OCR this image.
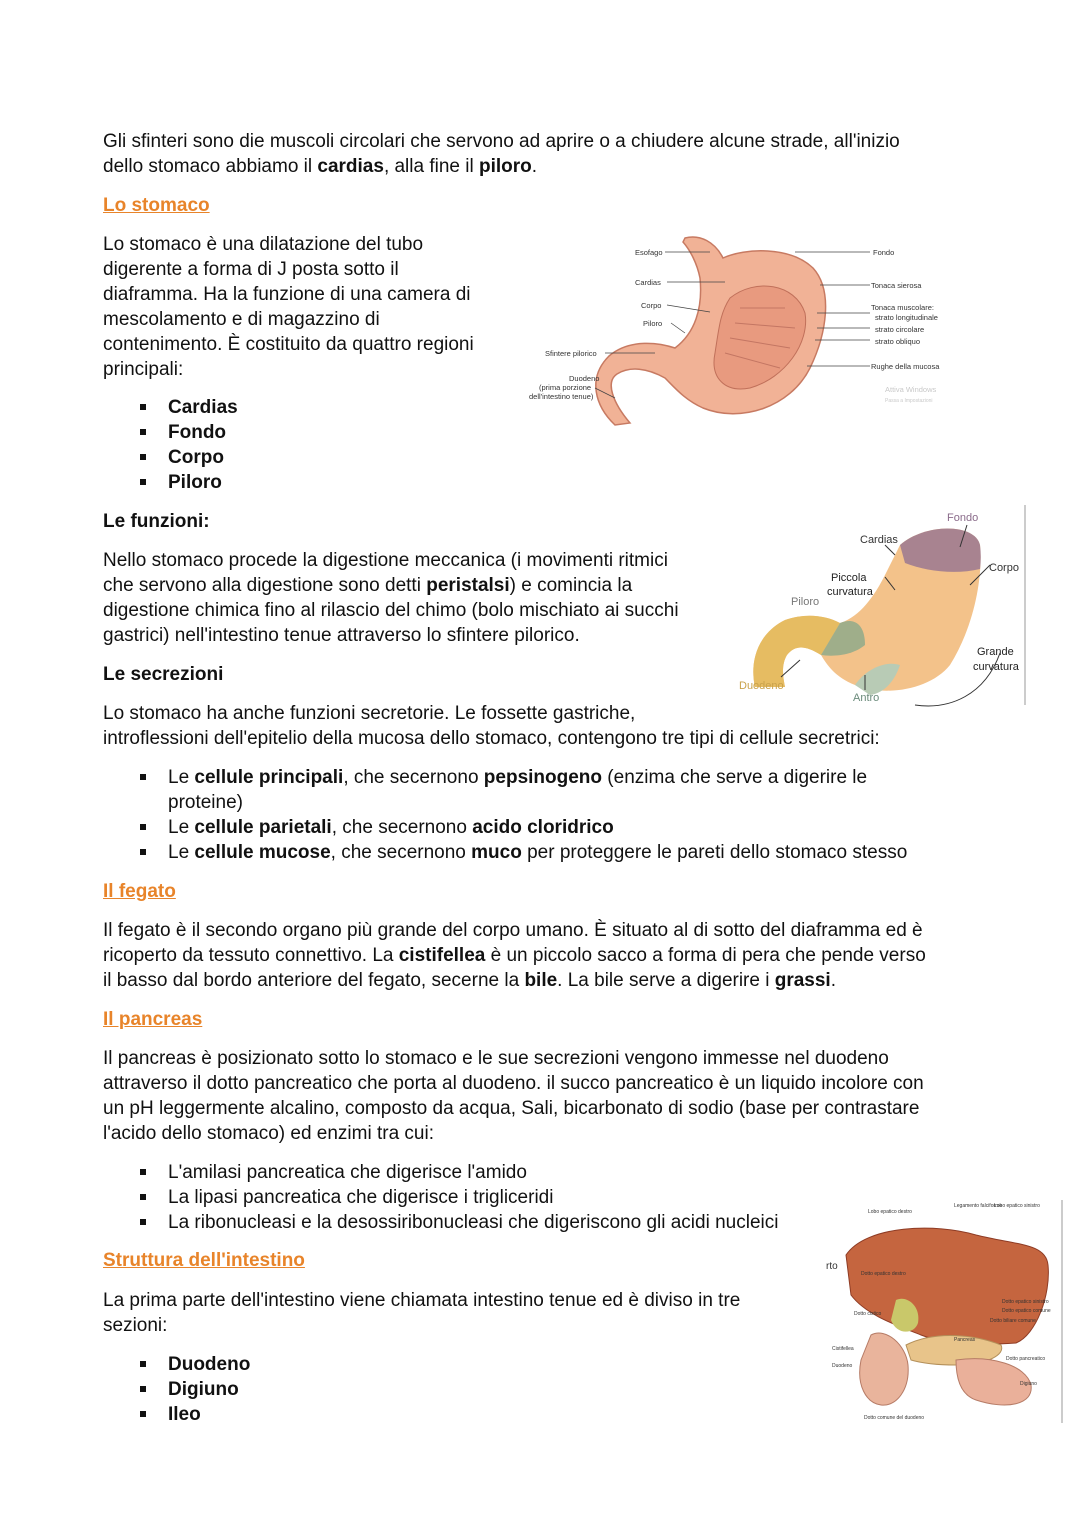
Gli sfinteri sono die muscoli circolari che servono ad aprire o a chiudere alcune strade, all'inizio
dello stomaco abbiamo il cardias, alla fine il piloro.

Lo stomaco

Lo stomaco è una dilatazione del tubo
digerente a forma di J posta sotto il
diaframma. Ha la funzione di una camera di
mescolamento e di magazzino di
contenimento. È costituito da quattro regioni
principali:

Cardias
Fondo
Corpo
Piloro
Esofago
Cardias
Corpo
Piloro
Sfintere pilorico
Duodeno
(prima porzione
dell'intestino tenue)
Fondo
Tonaca sierosa
Tonaca muscolare:
strato longitudinale
strato circolare
strato obliquo
Rughe della mucosa
Attiva Windows
Passa a Impostazioni
Le funzioni:

Nello stomaco procede la digestione meccanica (i movimenti ritmici
che servono alla digestione sono detti peristalsi) e comincia la
digestione chimica fino al rilascio del chimo (bolo mischiato ai succhi
gastrici) nell'intestino tenue attraverso lo sfintere pilorico.

Fondo
Cardias
Corpo
Piccola
curvatura
Piloro
Grande
curvatura
Duodeno
Antro
Le secrezioni

Lo stomaco ha anche funzioni secretorie. Le fossette gastriche,
introflessioni dell'epitelio della mucosa dello stomaco, contengono tre tipi di cellule secretrici:

Le cellule principali, che secernono pepsinogeno (enzima che serve a digerire le
proteine)
Le cellule parietali, che secernono acido cloridrico
Le cellule mucose, che secernono muco per proteggere le pareti dello stomaco stesso
Il fegato

Il fegato è il secondo organo più grande del corpo umano. È situato al di sotto del diaframma ed è
ricoperto da tessuto connettivo. La cistifellea è un piccolo sacco a forma di pera che pende verso
il basso dal bordo anteriore del fegato, secerne la bile. La bile serve a digerire i grassi.

Il pancreas

Il pancreas è posizionato sotto lo stomaco e le sue secrezioni vengono immesse nel duodeno
attraverso il dotto pancreatico che porta al duodeno. il succo pancreatico è un liquido incolore con
un pH leggermente alcalino, composto da acqua, Sali, bicarbonato di sodio (base per contrastare
l'acido dello stomaco) ed enzimi tra cui:

L'amilasi pancreatica che digerisce l'amido
La lipasi pancreatica che digerisce i trigliceridi
La ribonucleasi e la desossiribonucleasi che digeriscono gli acidi nucleici
Struttura dell'intestino

La prima parte dell'intestino viene chiamata intestino tenue ed è diviso in tre
sezioni:

Duodeno
Digiuno
Ileo
Lobo epatico destro
Legamento falciforme
Lobo epatico sinistro
rto
Dotto epatico destro
Dotto cistico
Cistifellea
Duodeno
Dotto comune del duodeno
Pancreas
Dotto epatico sinistro
Dotto epatico comune
Dotto biliare comune
Dotto pancreatico
Digiuno
